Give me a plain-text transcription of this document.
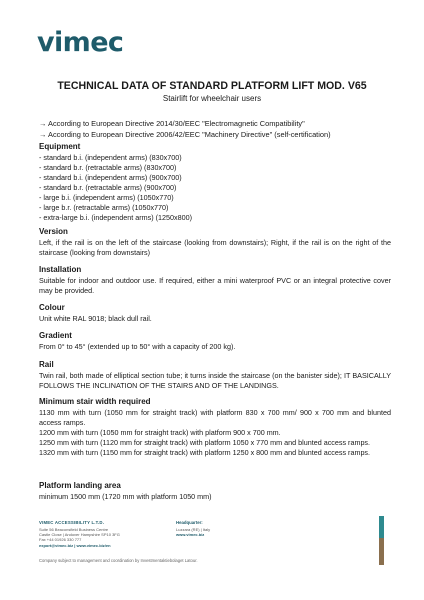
vimec
TECHNICAL DATA OF STANDARD PLATFORM LIFT MOD. V65
Stairlift for wheelchair users
→ According to European Directive 2014/30/EEC "Electromagnetic Compatibility"
→ According to European Directive 2006/42/EEC "Machinery Directive" (self-certification)
Equipment
- standard b.i. (independent arms) (830x700)
- standard b.r. (retractable arms) (830x700)
- standard b.i. (independent arms) (900x700)
- standard b.r. (retractable arms) (900x700)
- large b.i. (independent arms) (1050x770)
- large b.r. (retractable arms) (1050x770)
- extra-large b.i. (independent arms) (1250x800)
Version
Left, if the rail is on the left of the staircase (looking from downstairs); Right, if the rail is on the right of the staircase (looking from downstairs)
Installation
Suitable for indoor and outdoor use. If required, either a mini waterproof PVC or an integral protective cover may be provided.
Colour
Unit white RAL 9018; black dull rail.
Gradient
From 0° to 45° (extended up to 50° with a capacity of 200 kg).
Rail
Twin rail, both made of elliptical section tube; it turns inside the staircase (on the banister side); IT BASICALLY FOLLOWS THE INCLINATION OF THE STAIRS AND OF THE LANDINGS.
Minimum stair width required
1130 mm with turn (1050 mm for straight track) with platform 830 x 700 mm/ 900 x 700 mm and blunted access ramps.
1200 mm with turn (1050 mm for straight track) with platform 900 x 700 mm.
1250 mm with turn (1120 mm for straight track) with platform 1050 x 770 mm and blunted access ramps.
1320 mm with turn (1150 mm for straight track) with platform 1250 x 800 mm and blunted access ramps.
Platform landing area
minimum 1500 mm (1720 mm with platform 1050 mm)
VIMEC ACCESSIBILITY L.T.D.
Suite 56 Beaconsfield Business Centre
Castle Close | Andover Hampshire SP10 3FG
Fax +44 01926 330 777
export@vimec.biz | www.vimec.biz/en
Headquarter:
Luzzara (RE) | Italy
www.vimec.biz
Company subject to management and coordination by Investmentaktiebolaget Latour.
